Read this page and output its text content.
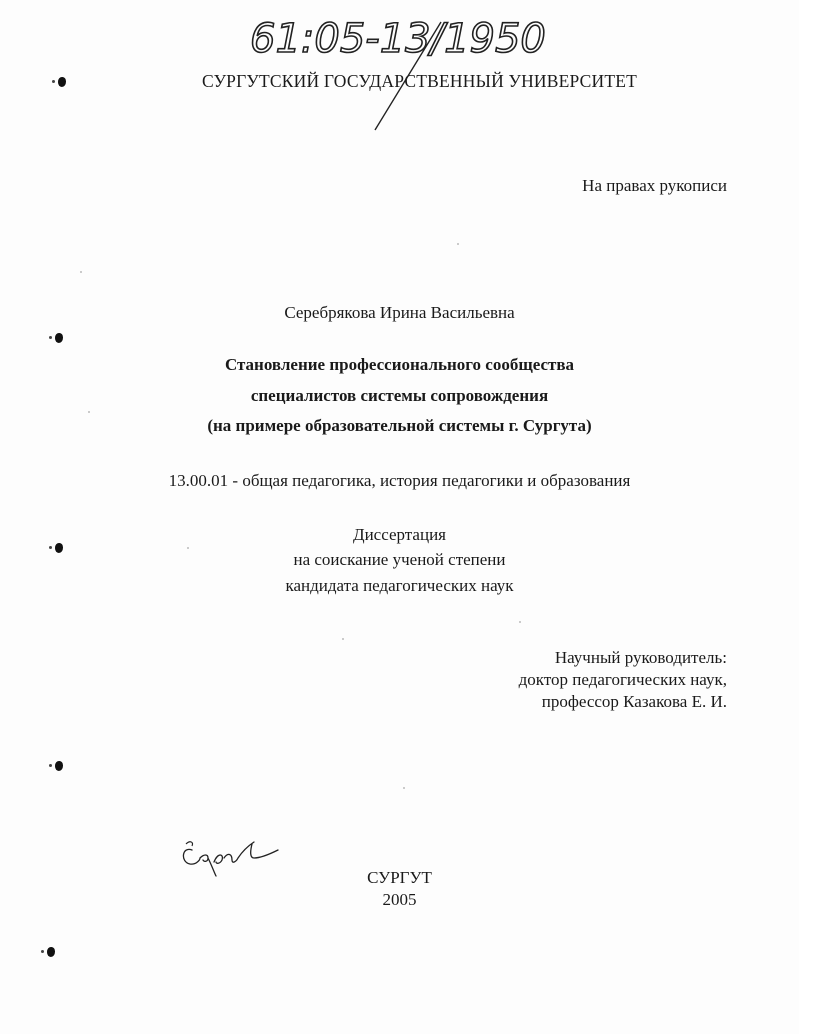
61:05-13/1950
СУРГУТСКИЙ ГОСУДАРСТВЕННЫЙ УНИВЕРСИТЕТ
На правах рукописи
Серебрякова Ирина Васильевна
Становление профессионального сообщества
специалистов системы сопровождения
(на примере образовательной системы г. Сургута)
13.00.01 - общая педагогика, история педагогики и образования
Диссертация
на соискание ученой степени
кандидата педагогических наук
Научный руководитель:
доктор педагогических наук,
профессор Казакова Е. И.
СУРГУТ
2005
